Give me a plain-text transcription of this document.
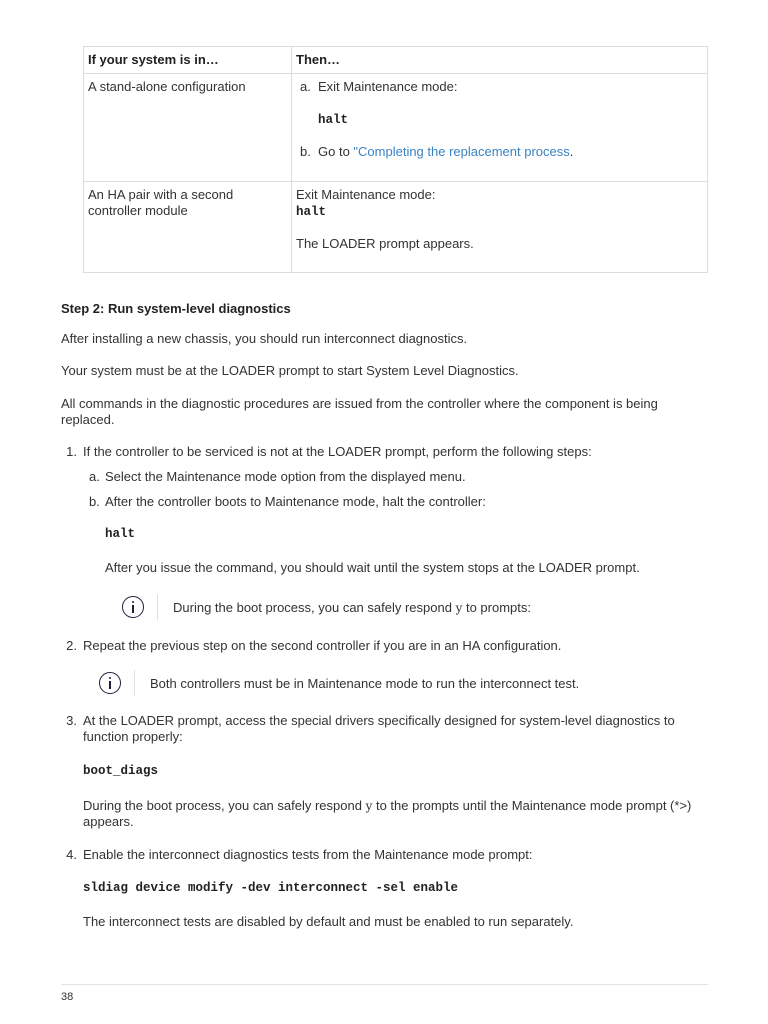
If your system is in…	Then…
A stand-alone configuration	a. Exit Maintenance mode:
halt
b. Go to "Completing the replacement process.

An HA pair with a second controller module	Exit Maintenance mode:
halt
The LOADER prompt appears.
Step 2: Run system-level diagnostics

After installing a new chassis, you should run interconnect diagnostics.

Your system must be at the LOADER prompt to start System Level Diagnostics.

All commands in the diagnostic procedures are issued from the controller where the component is being replaced.

1. If the controller to be serviced is not at the LOADER prompt, perform the following steps:

a. Select the Maintenance mode option from the displayed menu.

b. After the controller boots to Maintenance mode, halt the controller:

halt

After you issue the command, you should wait until the system stops at the LOADER prompt.

During the boot process, you can safely respond y to prompts:
2. Repeat the previous step on the second controller if you are in an HA configuration.

Both controllers must be in Maintenance mode to run the interconnect test.
3. At the LOADER prompt, access the special drivers specifically designed for system-level diagnostics to function properly:

boot_diags

During the boot process, you can safely respond y to the prompts until the Maintenance mode prompt (*>) appears.

4. Enable the interconnect diagnostics tests from the Maintenance mode prompt:

sldiag device modify -dev interconnect -sel enable

The interconnect tests are disabled by default and must be enabled to run separately.

38
